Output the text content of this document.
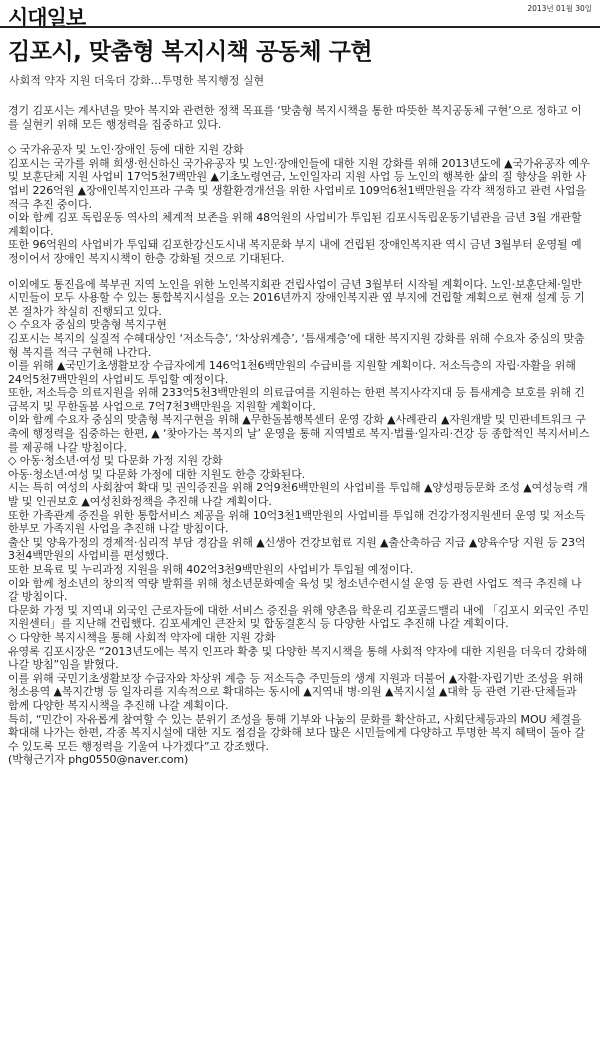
시대일보	2013년 01월 30일
김포시, 맞춤형 복지시책 공동체 구현
사회적 약자 지원 더욱더 강화…투명한 복지행정 실현

경기 김포시는 계사년을 맞아 복지와 관련한 정책 목표를 ‘맞춤형 복지시책을 통한 따뜻한 복지공동체 구현’으로 정하고 이를 실현키 위해 모든 행정력을 집중하고 있다.

◇ 국가유공자 및 노인·장애인 등에 대한 지원 강화

김포시는 국가를 위해 희생·헌신하신 국가유공자 및 노인·장애인들에 대한 지원 강화를 위해 2013년도에 ▲국가유공자 예우 및 보훈단체 지원 사업비 17억5천7백만원 ▲기초노령연금, 노인일자리 지원 사업 등 노인의 행복한 삶의 질 향상을 위한 사업비 226억원 ▲장애인복지인프라 구축 및 생활환경개선을 위한 사업비로 109억6천1백만원을 각각 책정하고 관련 사업을 적극 추진 중이다.

이와 함께 김포 독립운동 역사의 체계적 보존을 위해 48억원의 사업비가 투입된 김포시독립운동기념관을 금년 3월 개관할 계획이다.

또한 96억원의 사업비가 투입돼 김포한강신도시내 복지문화 부지 내에 건립된 장애인복지관 역시 금년 3월부터 운영될 예정이어서 장애인 복지시책이 한층 강화될 것으로 기대된다.

이외에도 통진읍에 북부권 지역 노인을 위한 노인복지회관 건립사업이 금년 3월부터 시작될 계획이다. 노인·보훈단체·일반시민들이 모두 사용할 수 있는 통합복지시설을 오는 2016년까지 장애인복지관 옆 부지에 건립할 계획으로 현재 설계 등 기본 절차가 착실히 진행되고 있다.

◇ 수요자 중심의 맞춤형 복지구현

김포시는 복지의 실질적 수혜대상인 ‘저소득층’, ‘차상위계층’, ‘틈새계층’에 대한 복지지원 강화를 위해 수요자 중심의 맞춤형 복지를 적극 구현해 나간다.

이를 위해 ▲국민기초생활보장 수급자에게 146억1천6백만원의 수급비를 지원할 계획이다. 저소득층의 자립·자활을 위해 24억5천7백만원의 사업비도 투입할 예정이다.

또한, 저소득층 의료지원을 위해 233억5천3백만원의 의료급여를 지원하는 한편 복지사각지대 등 틈새계층 보호를 위해 긴급복지 및 무한돌봄 사업으로 7억7천3백만원을 지원할 계획이다.

이와 함께 수요자 중심의 맞춤형 복지구현을 위해 ▲무한돌봄행복센터 운영 강화 ▲사례관리 ▲자원개발 및 민관네트워크 구축에 행정력을 집중하는 한편, ▲ ‘찾아가는 복지의 날’ 운영을 통해 지역별로 복지·법률·일자리·건강 등 종합적인 복지서비스를 제공해 나갈 방침이다.

◇ 아동·청소년·여성 및 다문화 가정 지원 강화

아동·청소년·여성 및 다문화 가정에 대한 지원도 한층 강화된다.

시는 특히 여성의 사회참여 확대 및 권익증진을 위해 2억9천6백만원의 사업비를 투입해 ▲양성평등문화 조성 ▲여성능력 개발 및 인권보호 ▲여성친화정책을 추진해 나갈 계획이다.

또한 가족관계 증진을 위한 통합서비스 제공을 위해 10억3천1백만원의 사업비를 투입해 건강가정지원센터 운영 및 저소득 한부모 가족지원 사업을 추진해 나갈 방침이다.

출산 및 양육가정의 경제적·심리적 부담 경감을 위해 ▲신생아 건강보험료 지원 ▲출산축하금 지급 ▲양육수당 지원 등 23억3천4백만원의 사업비를 편성했다.

또한 보육료 및 누리과정 지원을 위해 402억3천9백만원의 사업비가 투입될 예정이다.

이와 함께 청소년의 창의적 역량 발휘를 위해 청소년문화예술 육성 및 청소년수련시설 운영 등 관련 사업도 적극 추진해 나갈 방침이다.

다문화 가정 및 지역내 외국인 근로자들에 대한 서비스 증진을 위해 양촌읍 학운리 김포골드밸리 내에 「김포시 외국인 주민 지원센터」를 지난해 건립했다. 김포세계인 큰잔치 및 합동결혼식 등 다양한 사업도 추진해 나갈 계획이다.

◇ 다양한 복지시책을 통해 사회적 약자에 대한 지원 강화

유영록 김포시장은 “2013년도에는 복지 인프라 확충 및 다양한 복지시책을 통해 사회적 약자에 대한 지원을 더욱더 강화해 나갈 방침”임을 밝혔다.

이를 위해 국민기초생활보장 수급자와 차상위 계층 등 저소득층 주민들의 생계 지원과 더불어 ▲자활·자립기반 조성을 위해 청소용역 ▲복지간병 등 일자리를 지속적으로 확대하는 동시에 ▲지역내 병·의원 ▲복지시설 ▲대학 등 관련 기관·단체들과 함께 다양한 복지시책을 추진해 나갈 계획이다.

특히, “민간이 자유롭게 참여할 수 있는 분위기 조성을 통해 기부와 나눔의 문화를 확산하고, 사회단체등과의 MOU 체결을 확대해 나가는 한편, 각종 복지시설에 대한 지도 점검을 강화해 보다 많은 시민들에게 다양하고 투명한 복지 혜택이 돌아 갈 수 있도록 모든 행정력을 기울여 나가겠다”고 강조했다.

(박형근기자 phg0550@naver.com)
